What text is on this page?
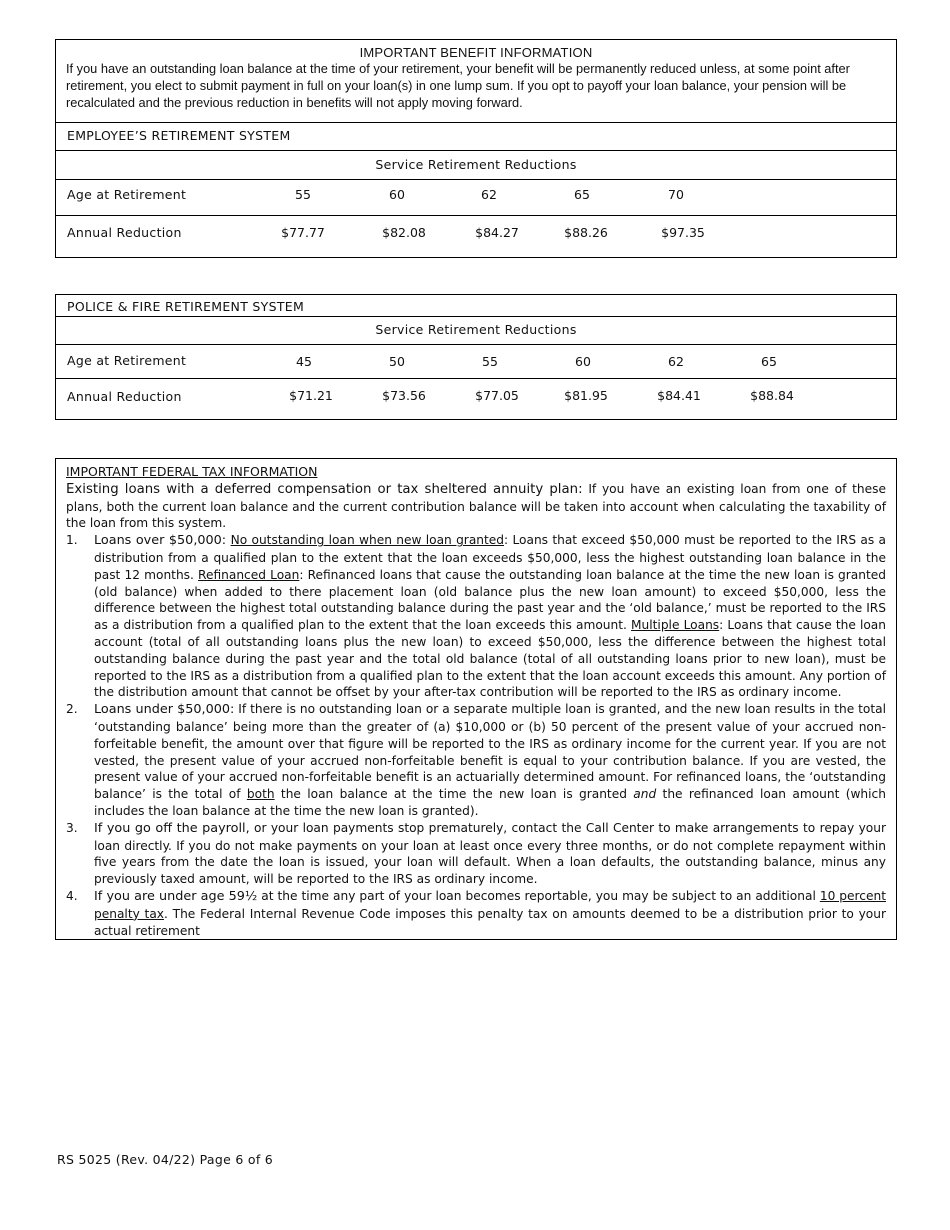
IMPORTANT BENEFIT INFORMATION
If you have an outstanding loan balance at the time of your retirement, your benefit will be permanently reduced unless, at some point after retirement, you elect to submit payment in full on your loan(s) in one lump sum. If you opt to payoff your loan balance, your pension will be recalculated and the previous reduction in benefits will not apply moving forward.
EMPLOYEE’S RETIREMENT SYSTEM
Service Retirement Reductions
Age at Retirement	55	60	62	65	70
Annual Reduction	$77.77	$82.08	$84.27	$88.26	$97.35
POLICE & FIRE RETIREMENT SYSTEM
Service Retirement Reductions
Age at Retirement	45	50	55	60	62	65
Annual Reduction	$71.21	$73.56	$77.05	$81.95	$84.41	$88.84
IMPORTANT FEDERAL TAX INFORMATION
Existing loans with a deferred compensation or tax sheltered annuity plan: If you have an existing loan from one of these plans, both the current loan balance and the current contribution balance will be taken into account when calculating the taxability of the loan from this system.
1. Loans over $50,000: No outstanding loan when new loan granted: Loans that exceed $50,000 must be reported to the IRS as a distribution from a qualified plan to the extent that the loan exceeds $50,000, less the highest outstanding loan balance in the past 12 months. Refinanced Loan: Refinanced loans that cause the outstanding loan balance at the time the new loan is granted (old balance) when added to there placement loan (old balance plus the new loan amount) to exceed $50,000, less the difference between the highest total outstanding balance during the past year and the ‘old balance,’ must be reported to the IRS as a distribution from a qualified plan to the extent that the loan exceeds this amount. Multiple Loans: Loans that cause the loan account (total of all outstanding loans plus the new loan) to exceed $50,000, less the difference between the highest total outstanding balance during the past year and the total old balance (total of all outstanding loans prior to new loan), must be reported to the IRS as a distribution from a qualified plan to the extent that the loan account exceeds this amount. Any portion of the distribution amount that cannot be offset by your after-tax contribution will be reported to the IRS as ordinary income.
2. Loans under $50,000: If there is no outstanding loan or a separate multiple loan is granted, and the new loan results in the total ‘outstanding balance’ being more than the greater of (a) $10,000 or (b) 50 percent of the present value of your accrued non-forfeitable benefit, the amount over that figure will be reported to the IRS as ordinary income for the current year. If you are not vested, the present value of your accrued non-forfeitable benefit is equal to your contribution balance. If you are vested, the present value of your accrued non-forfeitable benefit is an actuarially determined amount. For refinanced loans, the ‘outstanding balance’ is the total of both the loan balance at the time the new loan is granted and the refinanced loan amount (which includes the loan balance at the time the new loan is granted).
3. If you go off the payroll, or your loan payments stop prematurely, contact the Call Center to make arrangements to repay your loan directly. If you do not make payments on your loan at least once every three months, or do not complete repayment within five years from the date the loan is issued, your loan will default. When a loan defaults, the outstanding balance, minus any previously taxed amount, will be reported to the IRS as ordinary income.
4. If you are under age 59½ at the time any part of your loan becomes reportable, you may be subject to an additional 10 percent penalty tax. The Federal Internal Revenue Code imposes this penalty tax on amounts deemed to be a distribution prior to your actual retirement
RS 5025 (Rev. 04/22) Page 6 of 6
